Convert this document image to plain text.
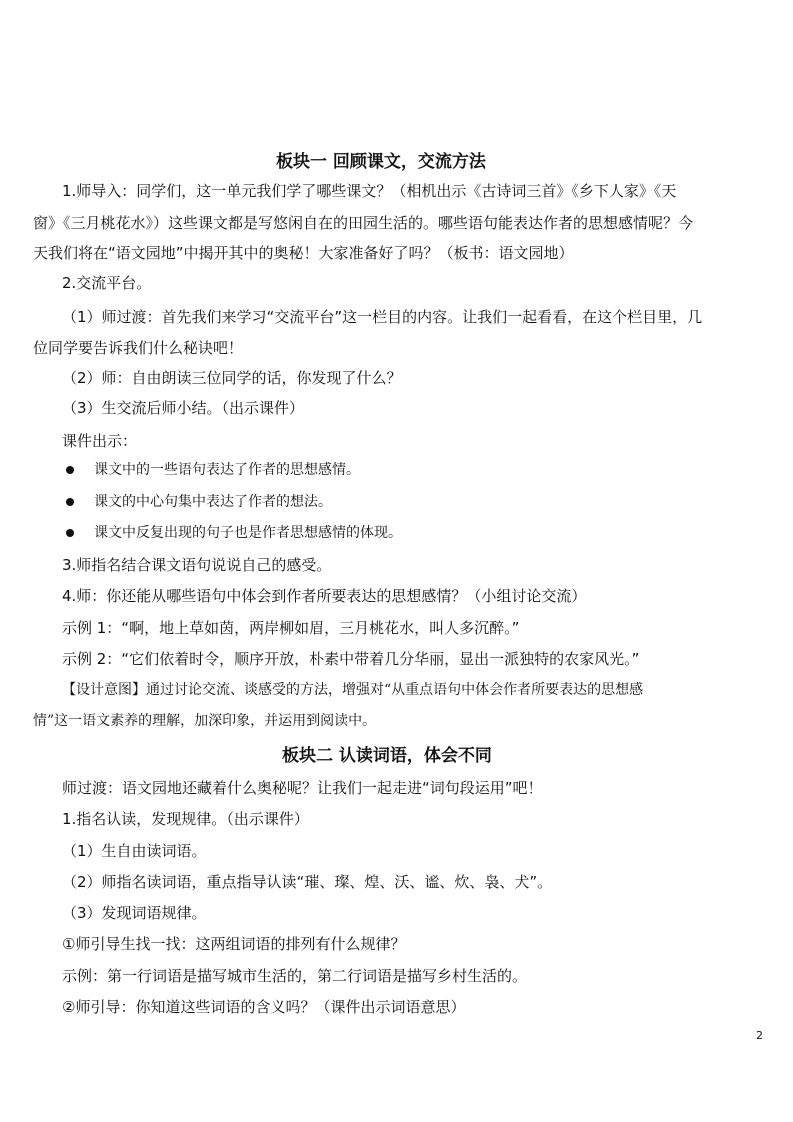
板块一 回顾课文，交流方法
1.师导入：同学们，这一单元我们学了哪些课文？（相机出示《古诗词三首》《乡下人家》《天
窗》《三月桃花水》）这些课文都是写悠闲自在的田园生活的。哪些语句能表达作者的思想感情呢？今
天我们将在“语文园地”中揭开其中的奥秘！大家准备好了吗？（板书：语文园地）
2.交流平台。
（1）师过渡：首先我们来学习“交流平台”这一栏目的内容。让我们一起看看，在这个栏目里，几
位同学要告诉我们什么秘诀吧！
（2）师：自由朗读三位同学的话，你发现了什么？
（3）生交流后师小结。（出示课件）
课件出示：
课文中的一些语句表达了作者的思想感情。
课文的中心句集中表达了作者的想法。
课文中反复出现的句子也是作者思想感情的体现。
3.师指名结合课文语句说说自己的感受。
4.师：你还能从哪些语句中体会到作者所要表达的思想感情？（小组讨论交流）
示例 1：“啊，地上草如茵，两岸柳如眉，三月桃花水，叫人多沉醉。”
示例 2：“它们依着时令，顺序开放，朴素中带着几分华丽，显出一派独特的农家风光。”
【设计意图】通过讨论交流、谈感受的方法，增强对“从重点语句中体会作者所要表达的思想感
情”这一语文素养的理解，加深印象，并运用到阅读中。
板块二 认读词语，体会不同
师过渡：语文园地还藏着什么奥秘呢？让我们一起走进“词句段运用”吧！
1.指名认读，发现规律。（出示课件）
（1）生自由读词语。
（2）师指名读词语，重点指导认读“璀、璨、煌、沃、谧、炊、袅、犬”。
（3）发现词语规律。
①师引导生找一找：这两组词语的排列有什么规律？
示例：第一行词语是描写城市生活的，第二行词语是描写乡村生活的。
②师引导：你知道这些词语的含义吗？（课件出示词语意思）
2
